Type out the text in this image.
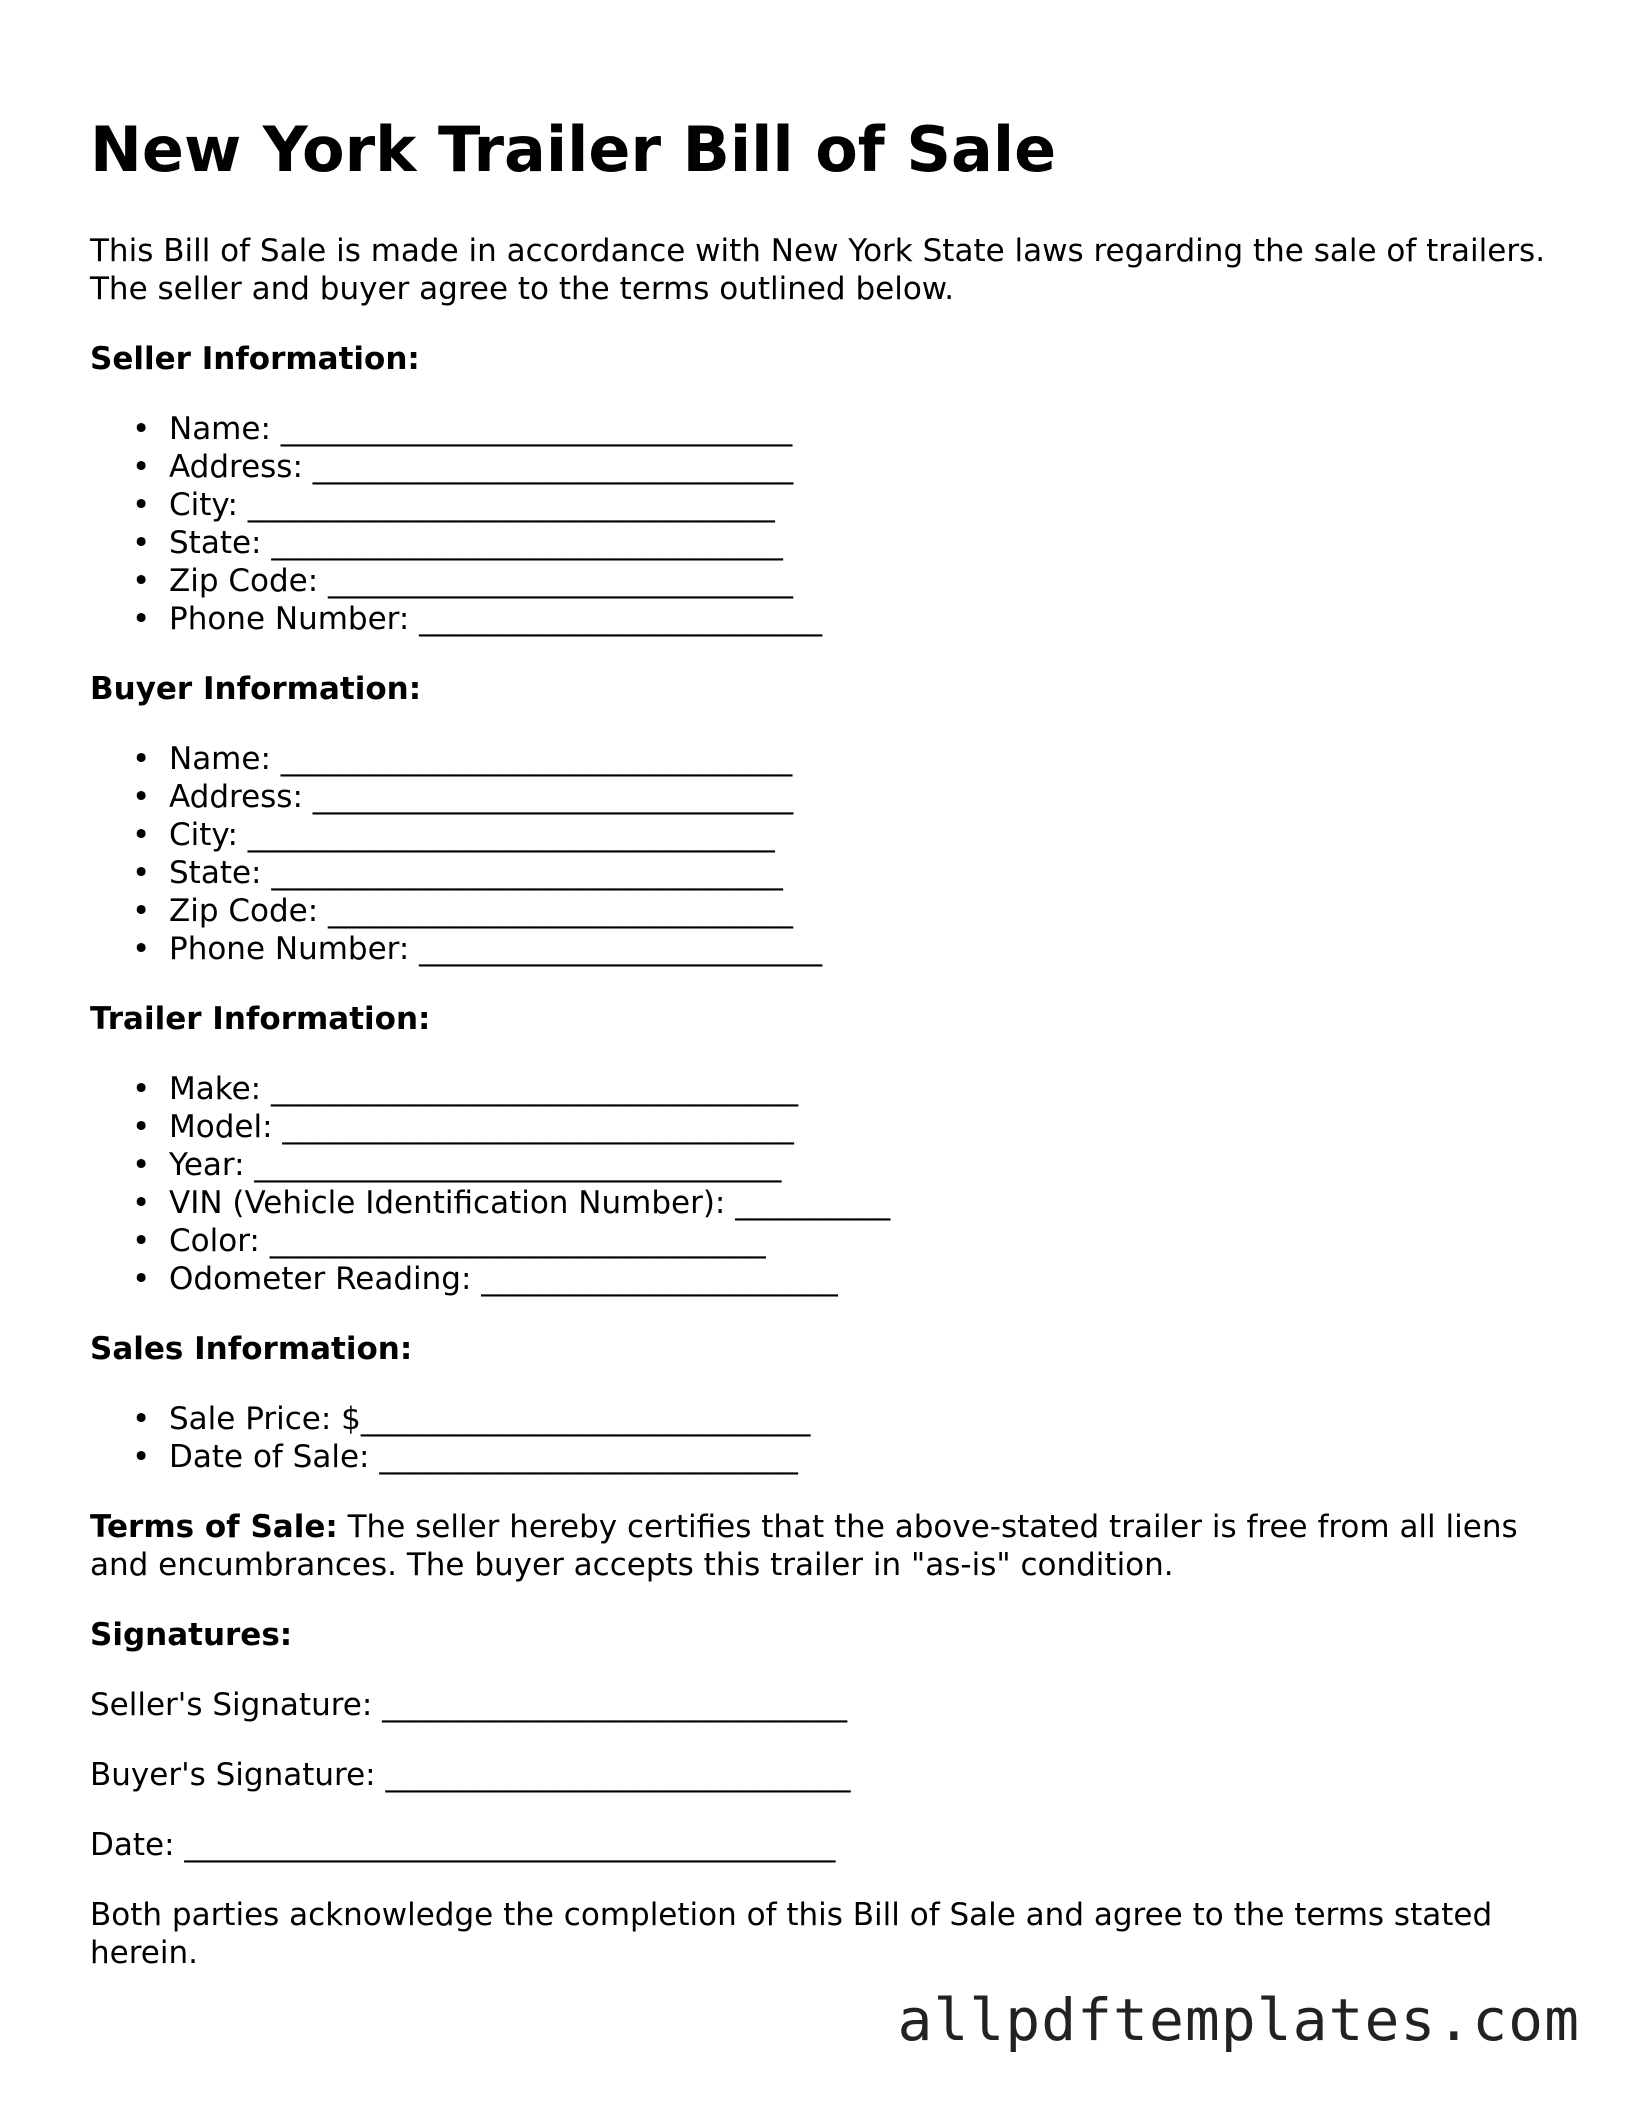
New York Trailer Bill of Sale

This Bill of Sale is made in accordance with New York State laws regarding the sale of trailers. The seller and buyer agree to the terms outlined below.

Seller Information:
• Name: _________________________________
• Address: _______________________________
• City: __________________________________
• State: _________________________________
• Zip Code: ______________________________
• Phone Number: __________________________
Buyer Information:
• Name: _________________________________
• Address: _______________________________
• City: __________________________________
• State: _________________________________
• Zip Code: ______________________________
• Phone Number: __________________________
Trailer Information:
• Make: __________________________________
• Model: _________________________________
• Year: __________________________________
• VIN (Vehicle Identification Number): __________
• Color: ________________________________
• Odometer Reading: _______________________
Sales Information:
• Sale Price: $_____________________________
• Date of Sale: ___________________________

Terms of Sale: The seller hereby certifies that the above-stated trailer is free from all liens and encumbrances. The buyer accepts this trailer in "as-is" condition.

Signatures:
Seller's Signature: ______________________________
Buyer's Signature: ______________________________
Date: __________________________________________

Both parties acknowledge the completion of this Bill of Sale and agree to the terms stated herein.

allpdftemplates.com
